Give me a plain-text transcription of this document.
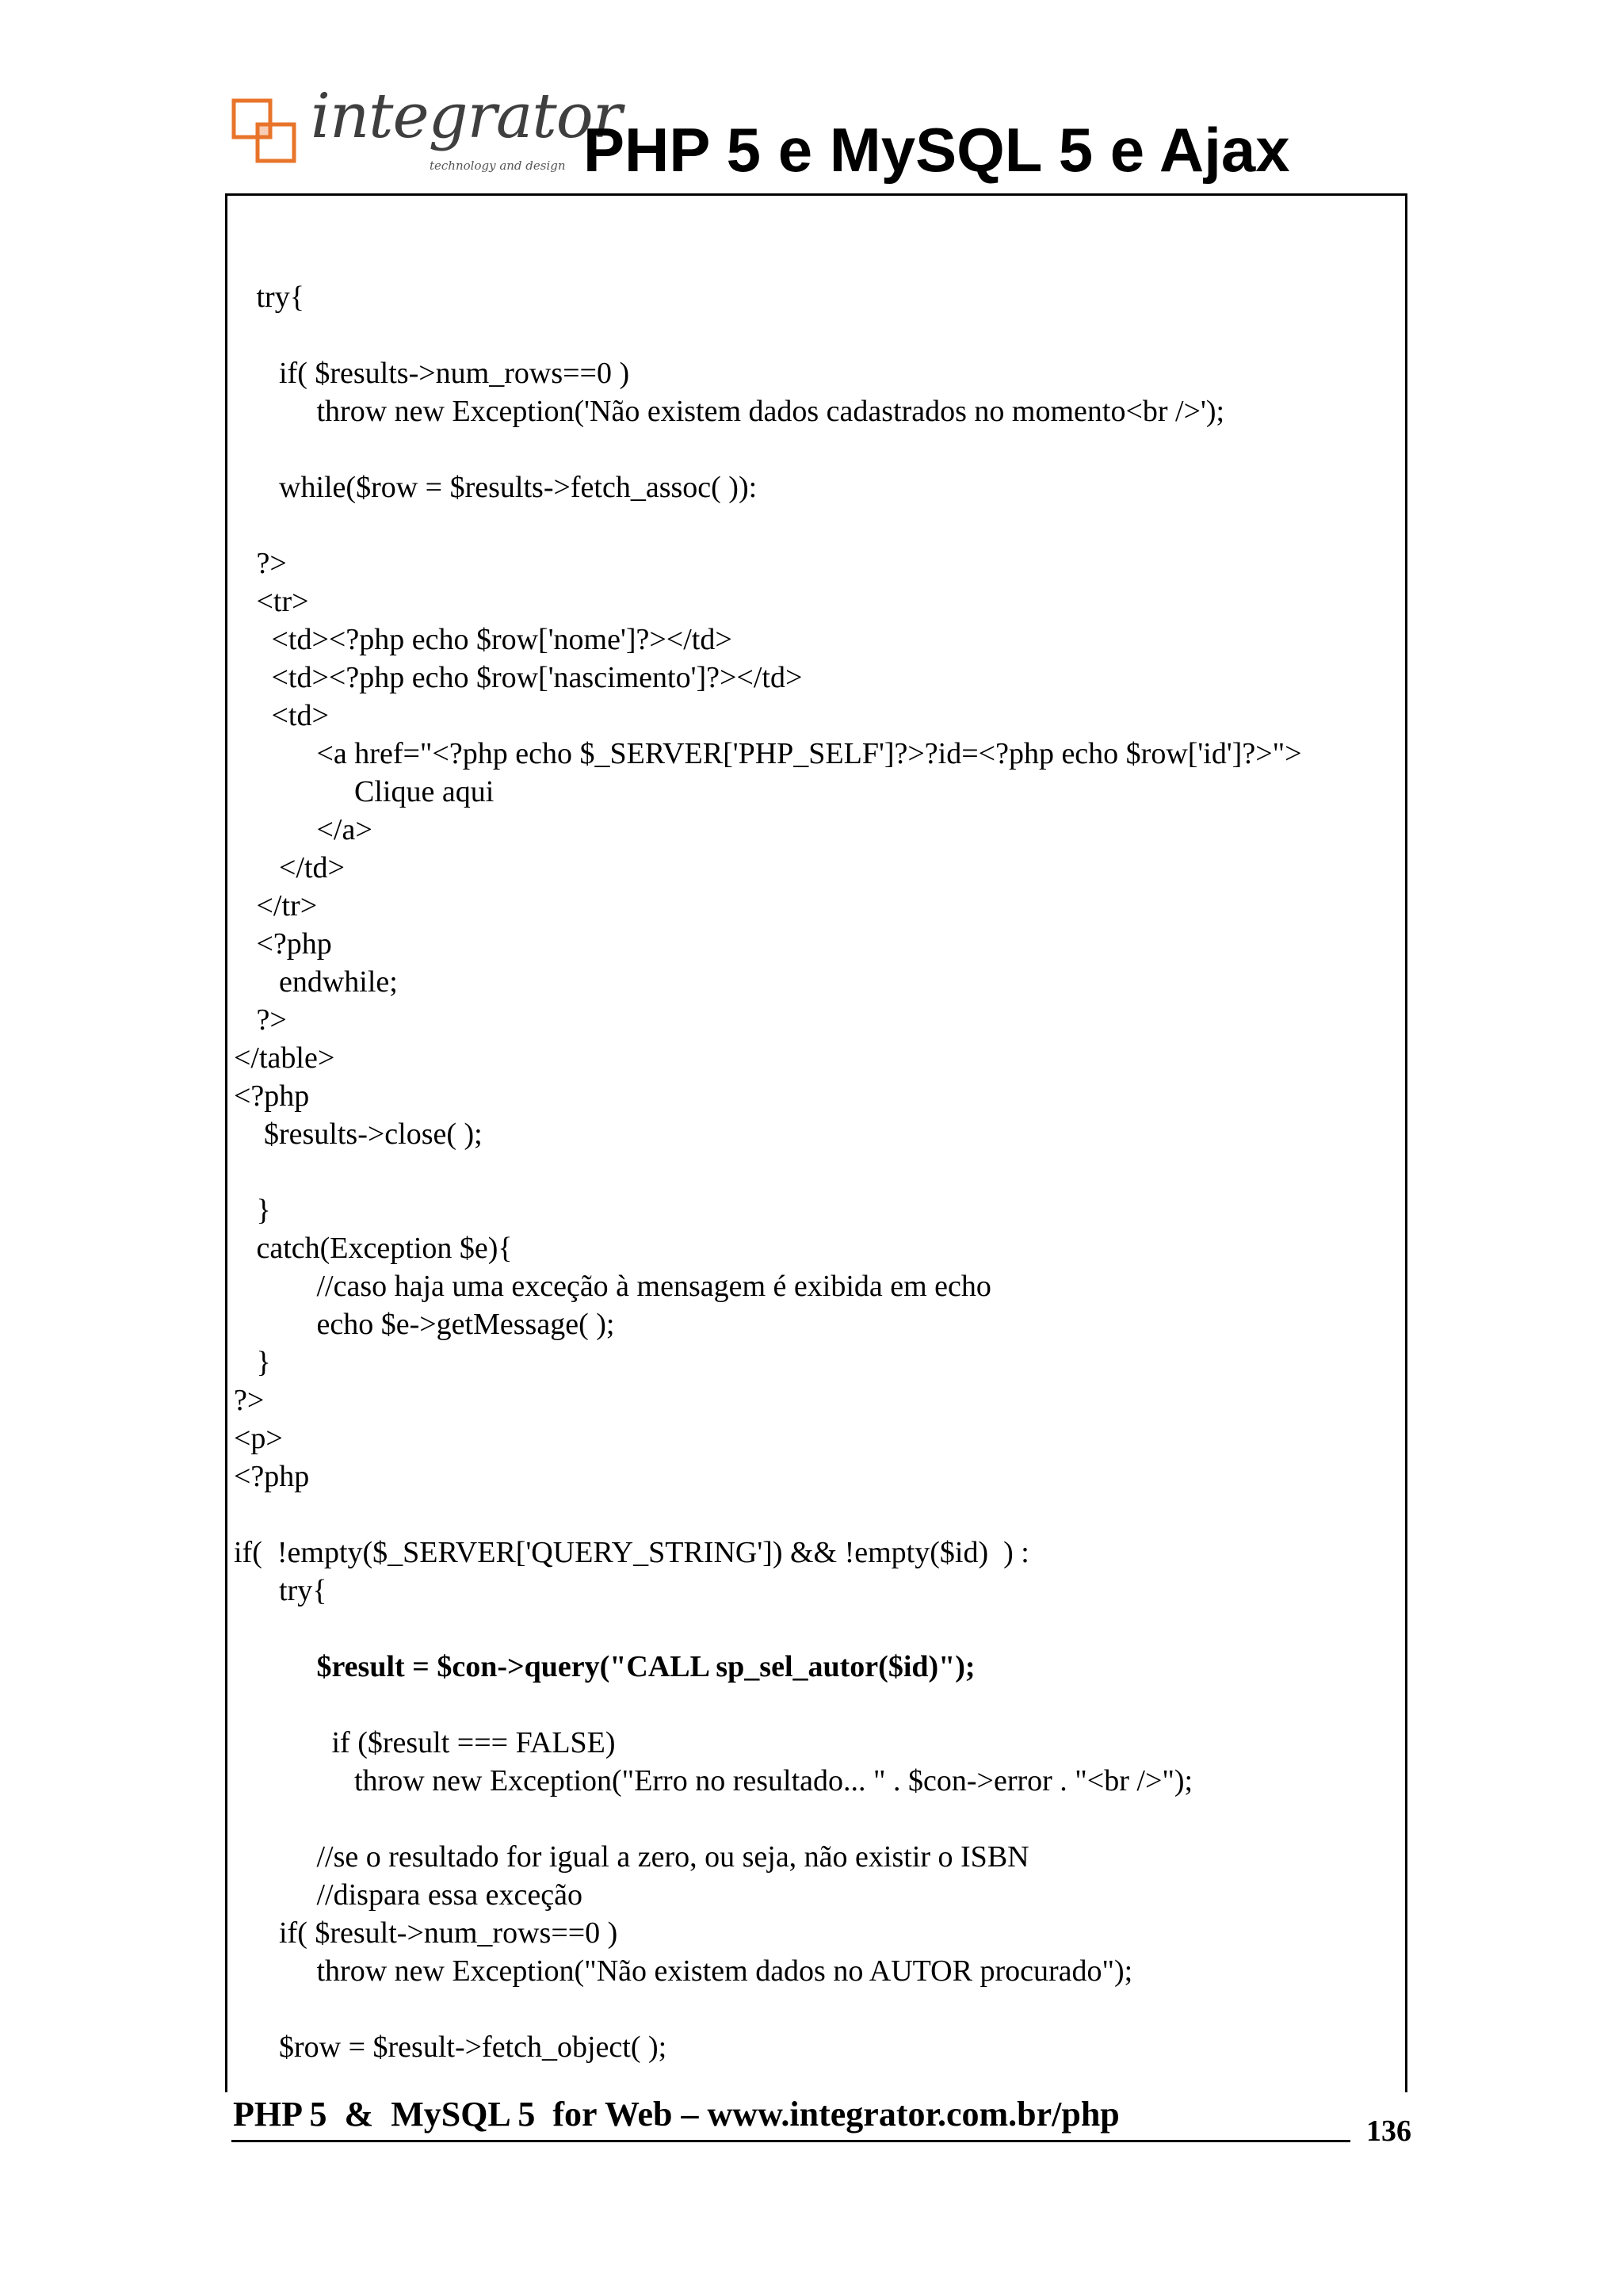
integrator
technology and design PHP 5 e MySQL 5 e Ajax

try{
if( $results->num_rows==0 )
throw new Exception('Não existem dados cadastrados no momento<br />');
while($row = $results->fetch_assoc( )):
?>
<tr>
<td><?php echo $row['nome']?></td>
<td><?php echo $row['nascimento']?></td>
<td>
<a href="<?php echo $_SERVER['PHP_SELF']?>?id=<?php echo $row['id']?>">
Clique aqui
</a>
</td>
</tr>
<?php
endwhile;
?>
</table>
<?php
$results->close( );
}
catch(Exception $e){
//caso haja uma exceção à mensagem é exibida em echo
echo $e->getMessage( );
}
?>
<p>
<?php
if(  !empty($_SERVER['QUERY_STRING']) && !empty($id)  ) :
try{
$result = $con->query("CALL sp_sel_autor($id)");
if ($result === FALSE)
throw new Exception("Erro no resultado... " . $con->error . "<br />");
//se o resultado for igual a zero, ou seja, não existir o ISBN
//dispara essa exceção
if( $result->num_rows==0 )
throw new Exception("Não existem dados no AUTOR procurado");
$row = $result->fetch_object( );

PHP 5  &  MySQL 5  for Web – www.integrator.com.br/php	136
